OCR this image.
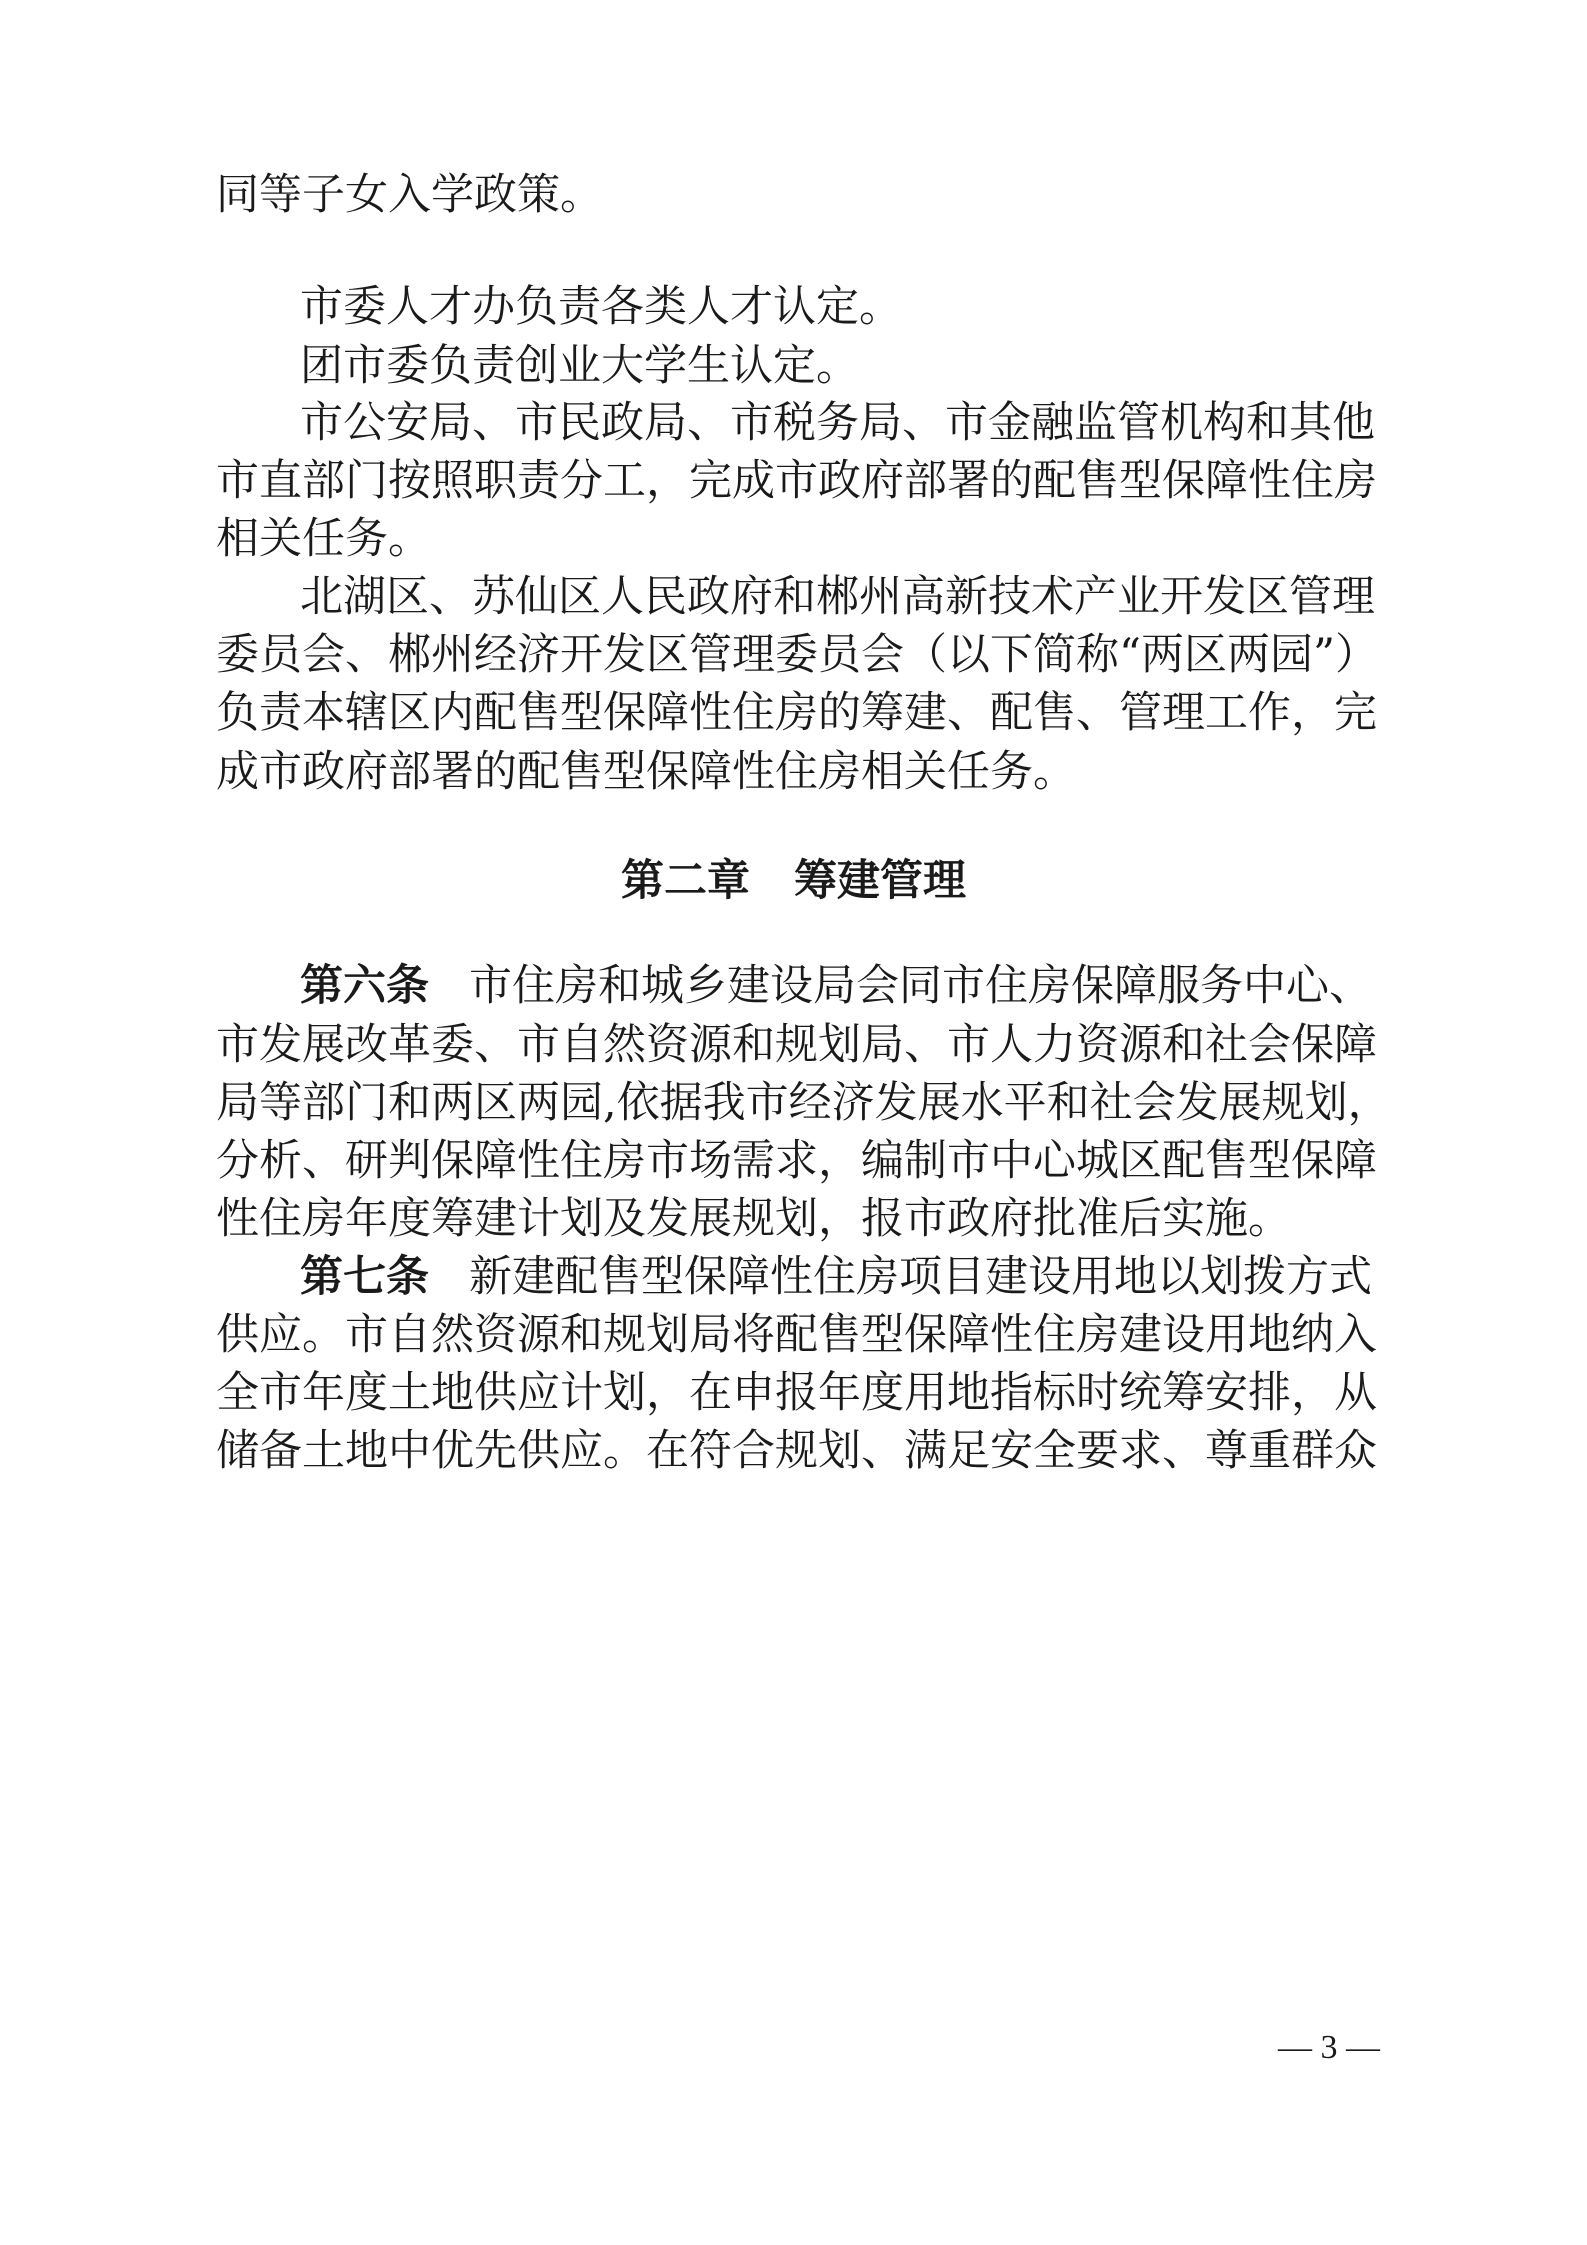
同等子女入学政策。
市委人才办负责各类人才认定。
团市委负责创业大学生认定。
市公安局、市民政局、市税务局、市金融监管机构和其他
市直部门按照职责分工，完成市政府部署的配售型保障性住房
相关任务。
北湖区、苏仙区人民政府和郴州高新技术产业开发区管理
委员会、郴州经济开发区管理委员会（以下简称“两区两园”）
负责本辖区内配售型保障性住房的筹建、配售、管理工作，完
成市政府部署的配售型保障性住房相关任务。
第二章 筹建管理
第六条 市住房和城乡建设局会同市住房保障服务中心、
市发展改革委、市自然资源和规划局、市人力资源和社会保障
局等部门和两区两园,依据我市经济发展水平和社会发展规划，
分析、研判保障性住房市场需求，编制市中心城区配售型保障
性住房年度筹建计划及发展规划，报市政府批准后实施。
第七条 新建配售型保障性住房项目建设用地以划拨方式
供应。市自然资源和规划局将配售型保障性住房建设用地纳入
全市年度土地供应计划，在申报年度用地指标时统筹安排，从
储备土地中优先供应。在符合规划、满足安全要求、尊重群众
— 3 —
